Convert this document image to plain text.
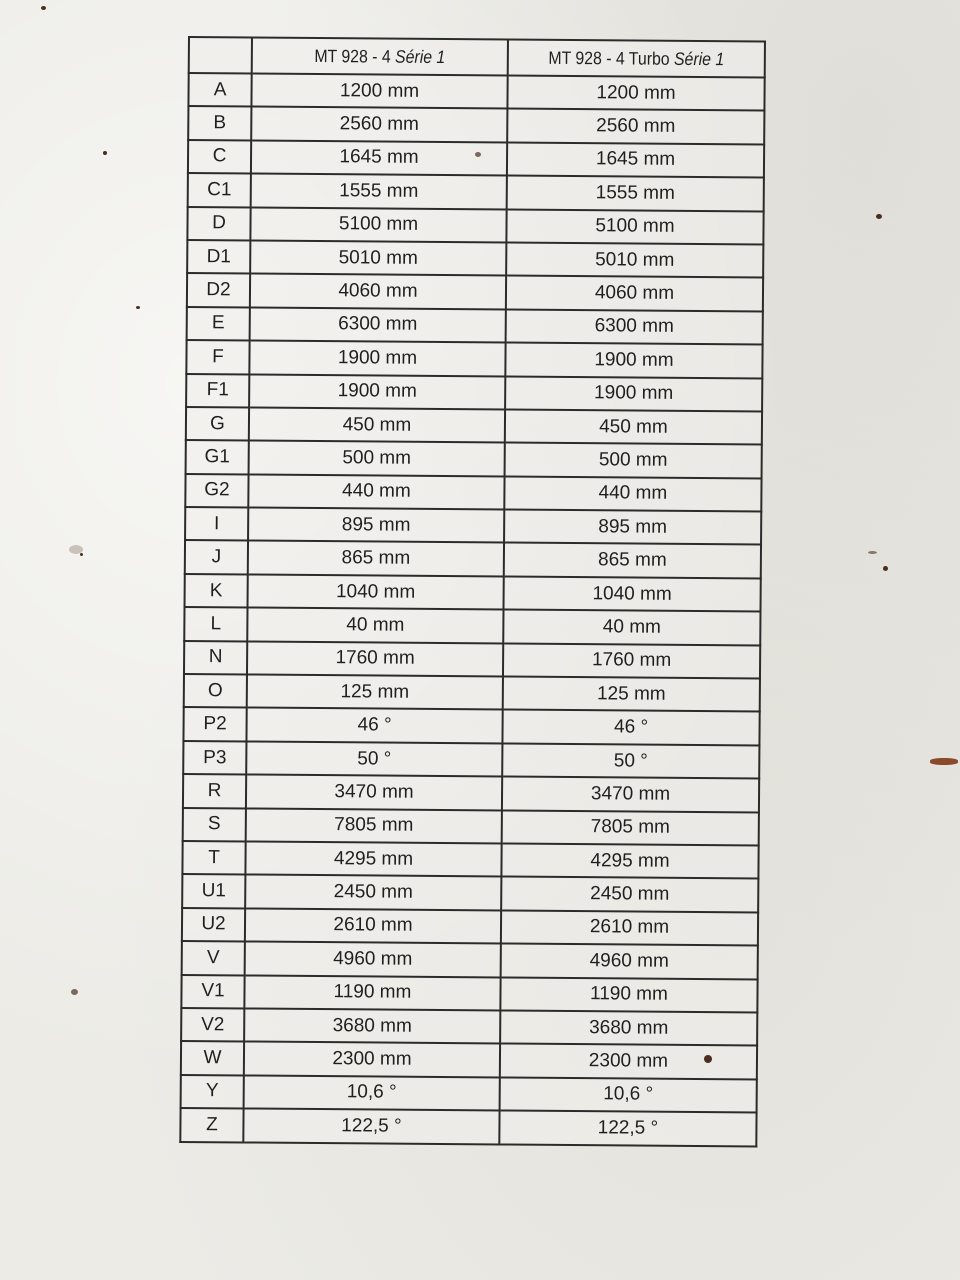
	MT 928 - 4 Série 1	MT 928 - 4 Turbo Série 1
A	1200 mm	1200 mm
B	2560 mm	2560 mm
C	1645 mm	1645 mm
C1	1555 mm	1555 mm
D	5100 mm	5100 mm
D1	5010 mm	5010 mm
D2	4060 mm	4060 mm
E	6300 mm	6300 mm
F	1900 mm	1900 mm
F1	1900 mm	1900 mm
G	450 mm	450 mm
G1	500 mm	500 mm
G2	440 mm	440 mm
I	895 mm	895 mm
J	865 mm	865 mm
K	1040 mm	1040 mm
L	40 mm	40 mm
N	1760 mm	1760 mm
O	125 mm	125 mm
P2	46 °	46 °
P3	50 °	50 °
R	3470 mm	3470 mm
S	7805 mm	7805 mm
T	4295 mm	4295 mm
U1	2450 mm	2450 mm
U2	2610 mm	2610 mm
V	4960 mm	4960 mm
V1	1190 mm	1190 mm
V2	3680 mm	3680 mm
W	2300 mm	2300 mm
Y	10,6 °	10,6 °
Z	122,5 °	122,5 °
